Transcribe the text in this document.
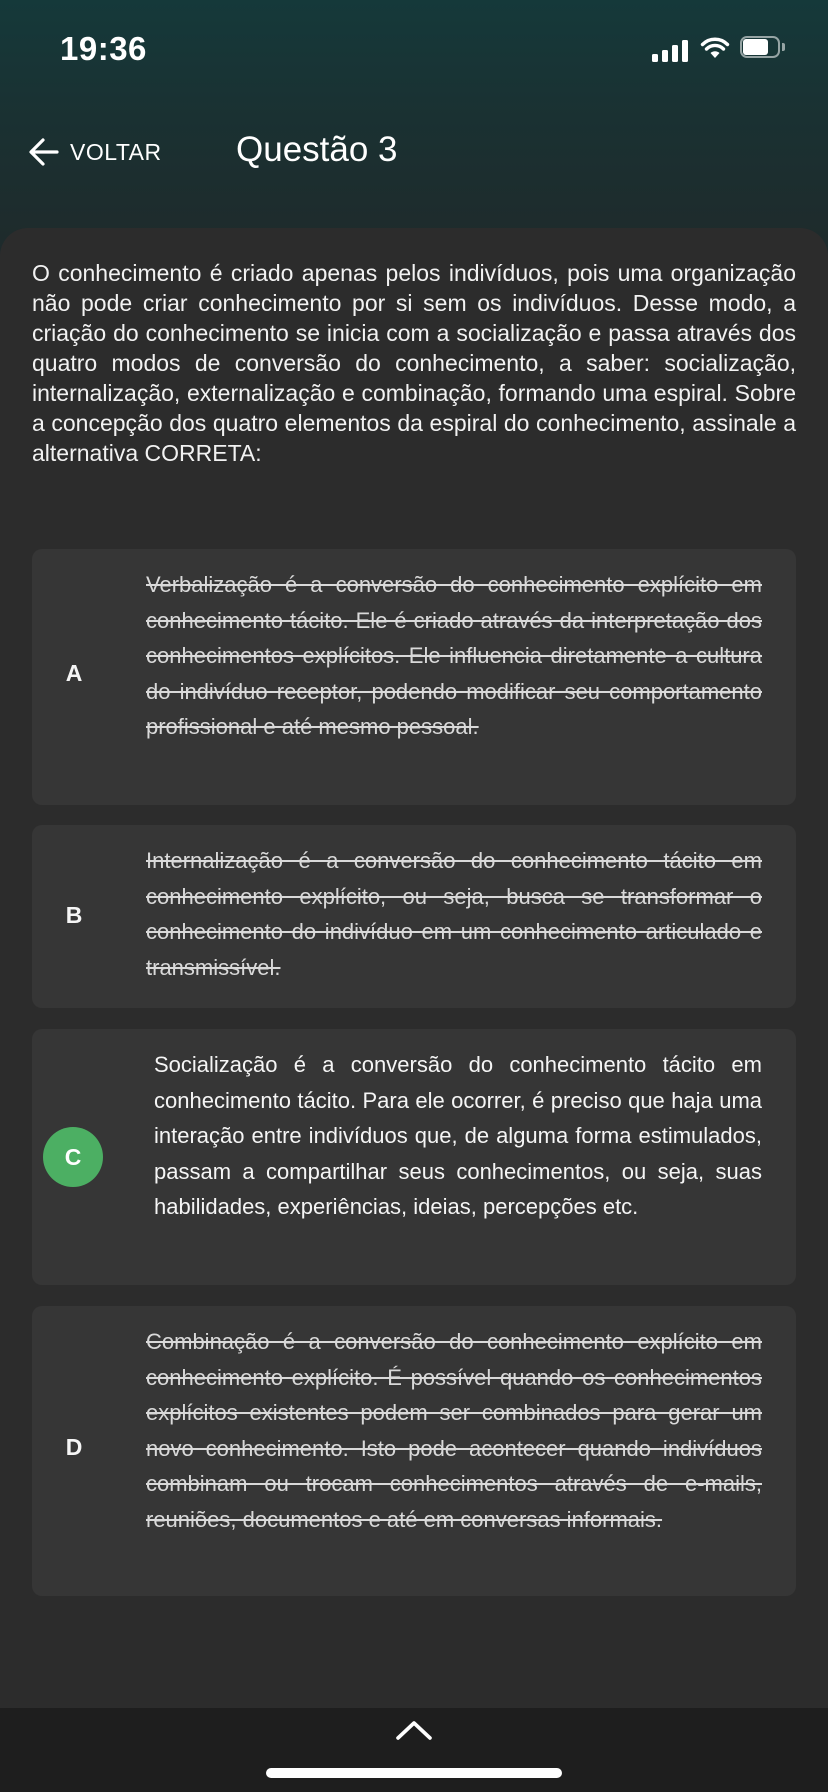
19:36
VOLTAR Questão 3
O conhecimento é criado apenas pelos indivíduos, pois uma organização não pode criar conhecimento por si sem os indivíduos. Desse modo, a criação do conhecimento se inicia com a socialização e passa através dos quatro modos de conversão do conhecimento, a saber: socialização, internalização, externalização e combinação, formando uma espiral. Sobre a concepção dos quatro elementos da espiral do conhecimento, assinale a alternativa CORRETA:
A
Verbalização é a conversão do conhecimento explícito em conhecimento tácito. Ele é criado através da interpretação dos conhecimentos explícitos. Ele influencia diretamente a cultura do indivíduo receptor, podendo modificar seu comportamento profissional e até mesmo pessoal.
B
Internalização é a conversão do conhecimento tácito em conhecimento explícito, ou seja, busca se transformar o conhecimento do indivíduo em um conhecimento articulado e transmissível.
C
Socialização é a conversão do conhecimento tácito em conhecimento tácito. Para ele ocorrer, é preciso que haja uma interação entre indivíduos que, de alguma forma estimulados, passam a compartilhar seus conhecimentos, ou seja, suas habilidades, experiências, ideias, percepções etc.
D
Combinação é a conversão do conhecimento explícito em conhecimento explícito. É possível quando os conhecimentos explícitos existentes podem ser combinados para gerar um novo conhecimento. Isto pode acontecer quando indivíduos combinam ou trocam conhecimentos através de e-mails, reuniões, documentos e até em conversas informais.
